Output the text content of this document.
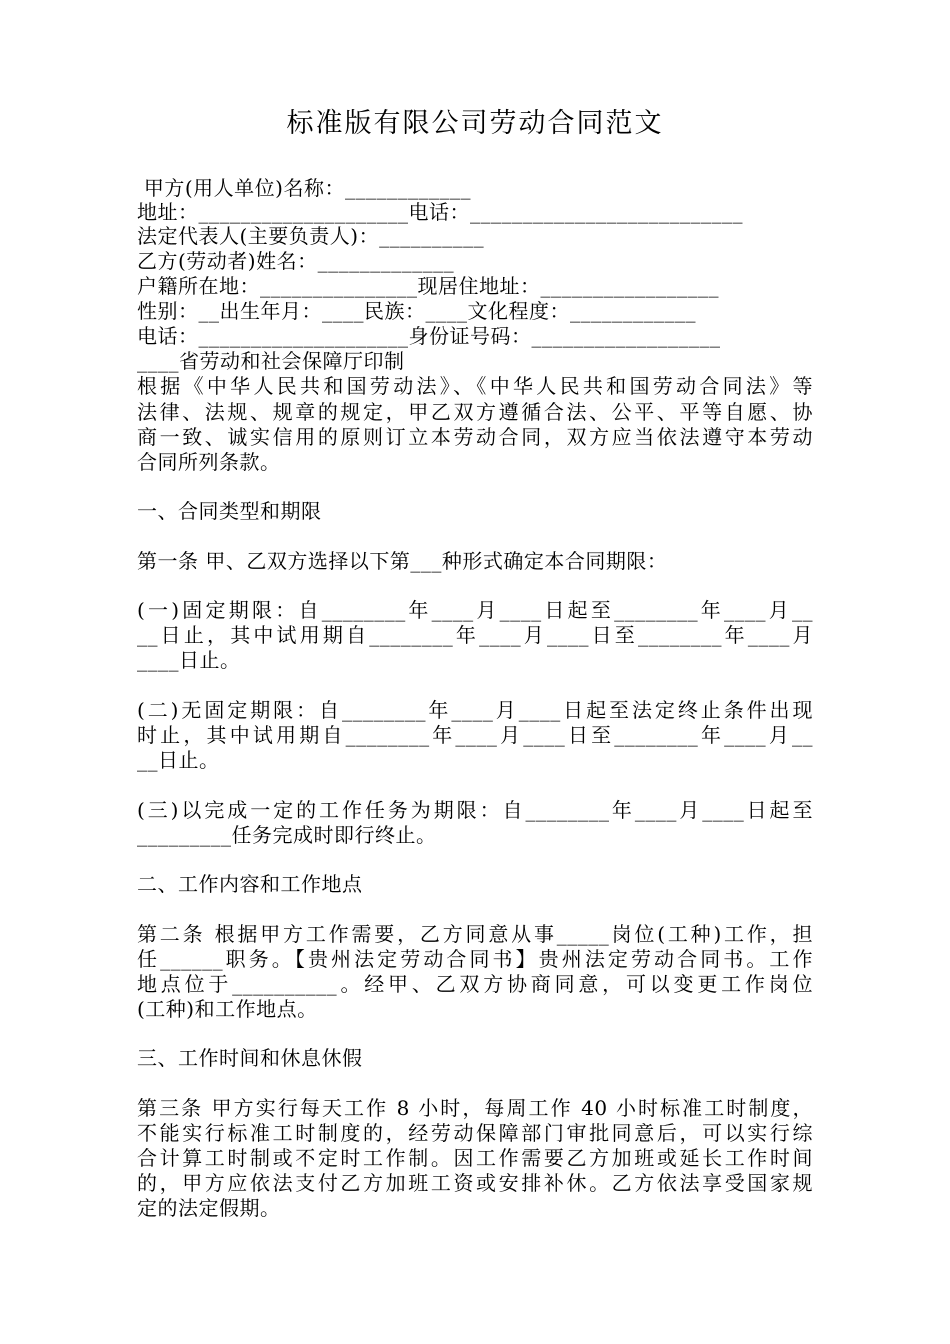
标准版有限公司劳动合同范文
甲方(用人单位)名称：____________
地址：____________________电话：__________________________
法定代表人(主要负责人)：__________
乙方(劳动者)姓名：_____________
户籍所在地：_______________现居住地址：_________________
性别：__出生年月：____民族：____文化程度：____________
电话：____________________身份证号码：__________________
____省劳动和社会保障厅印制
根据《中华人民共和国劳动法》、《中华人民共和国劳动合同法》等
法律、法规、规章的规定，甲乙双方遵循合法、公平、平等自愿、协
商一致、诚实信用的原则订立本劳动合同，双方应当依法遵守本劳动
合同所列条款。
一、合同类型和期限
第一条 甲、乙双方选择以下第___种形式确定本合同期限：
(一)固定期限：自________年____月____日起至________年____月__
__日止，其中试用期自________年____月____日至________年____月
____日止。
(二)无固定期限：自________年____月____日起至法定终止条件出现
时止，其中试用期自________年____月____日至________年____月__
__日止。
(三)以完成一定的工作任务为期限：自________年____月____日起至
_________任务完成时即行终止。
二、工作内容和工作地点
第二条 根据甲方工作需要，乙方同意从事_____岗位(工种)工作，担
任______职务。【贵州法定劳动合同书】贵州法定劳动合同书。工作
地点位于__________。经甲、乙双方协商同意，可以变更工作岗位
(工种)和工作地点。
三、工作时间和休息休假
第三条 甲方实行每天工作 8 小时，每周工作 40 小时标准工时制度，
不能实行标准工时制度的，经劳动保障部门审批同意后，可以实行综
合计算工时制或不定时工作制。因工作需要乙方加班或延长工作时间
的，甲方应依法支付乙方加班工资或安排补休。乙方依法享受国家规
定的法定假期。
